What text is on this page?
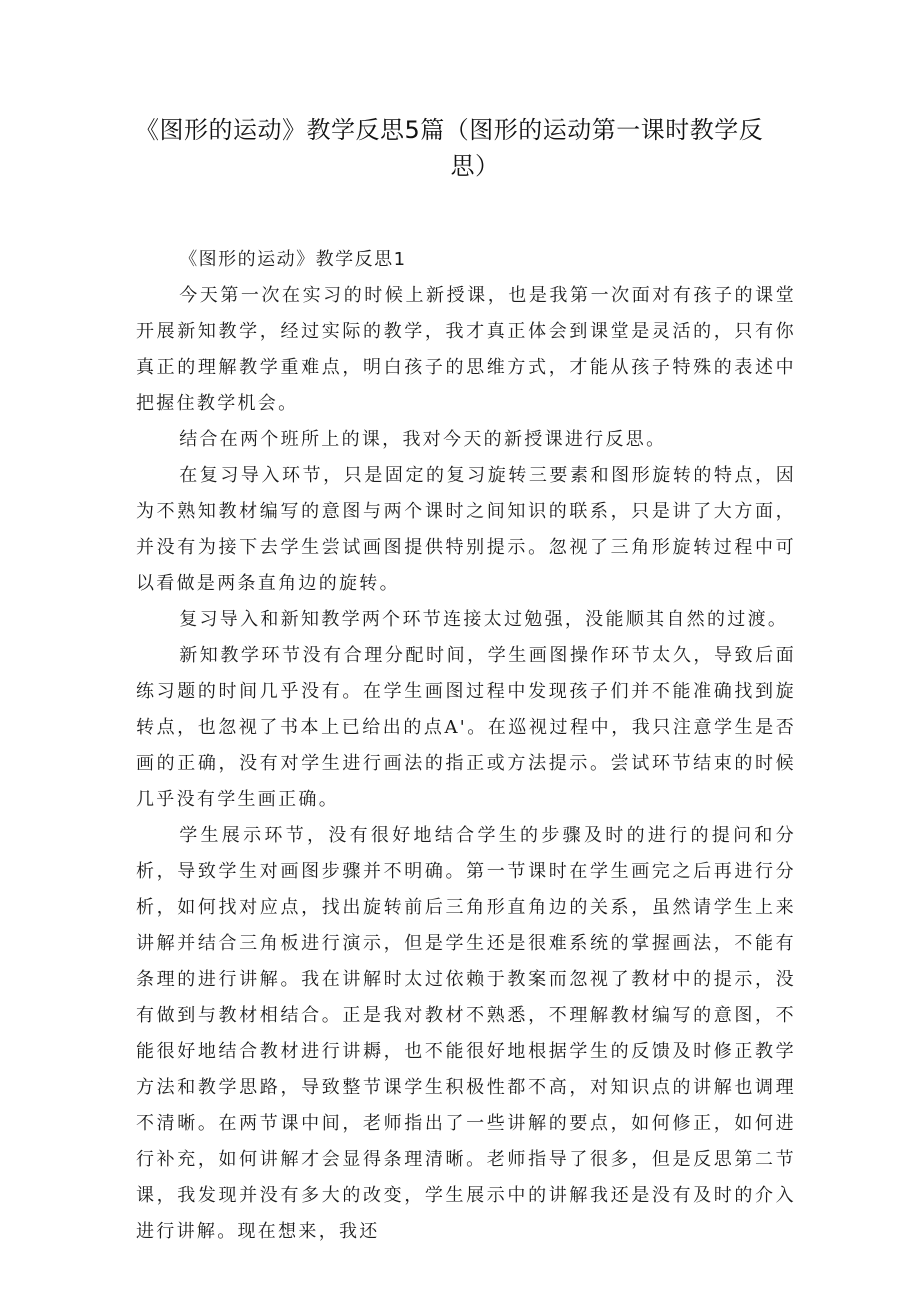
《图形的运动》教学反思5篇（图形的运动第一课时教学反
思）

《图形的运动》教学反思1

今天第一次在实习的时候上新授课，也是我第一次面对有孩子的课堂开展新知教学，经过实际的教学，我才真正体会到课堂是灵活的，只有你真正的理解教学重难点，明白孩子的思维方式，才能从孩子特殊的表述中把握住教学机会。

结合在两个班所上的课，我对今天的新授课进行反思。

在复习导入环节，只是固定的复习旋转三要素和图形旋转的特点，因为不熟知教材编写的意图与两个课时之间知识的联系，只是讲了大方面，并没有为接下去学生尝试画图提供特别提示。忽视了三角形旋转过程中可以看做是两条直角边的旋转。

复习导入和新知教学两个环节连接太过勉强，没能顺其自然的过渡。

新知教学环节没有合理分配时间，学生画图操作环节太久，导致后面练习题的时间几乎没有。在学生画图过程中发现孩子们并不能准确找到旋转点，也忽视了书本上已给出的点A'。在巡视过程中，我只注意学生是否画的正确，没有对学生进行画法的指正或方法提示。尝试环节结束的时候几乎没有学生画正确。

学生展示环节，没有很好地结合学生的步骤及时的进行的提问和分析，导致学生对画图步骤并不明确。第一节课时在学生画完之后再进行分析，如何找对应点，找出旋转前后三角形直角边的关系，虽然请学生上来讲解并结合三角板进行演示，但是学生还是很难系统的掌握画法，不能有条理的进行讲解。我在讲解时太过依赖于教案而忽视了教材中的提示，没有做到与教材相结合。正是我对教材不熟悉，不理解教材编写的意图，不能很好地结合教材进行讲耨，也不能很好地根据学生的反馈及时修正教学方法和教学思路，导致整节课学生积极性都不高，对知识点的讲解也调理不清晰。在两节课中间，老师指出了一些讲解的要点，如何修正，如何进行补充，如何讲解才会显得条理清晰。老师指导了很多，但是反思第二节课，我发现并没有多大的改变，学生展示中的讲解我还是没有及时的介入进行讲解。现在想来，我还
